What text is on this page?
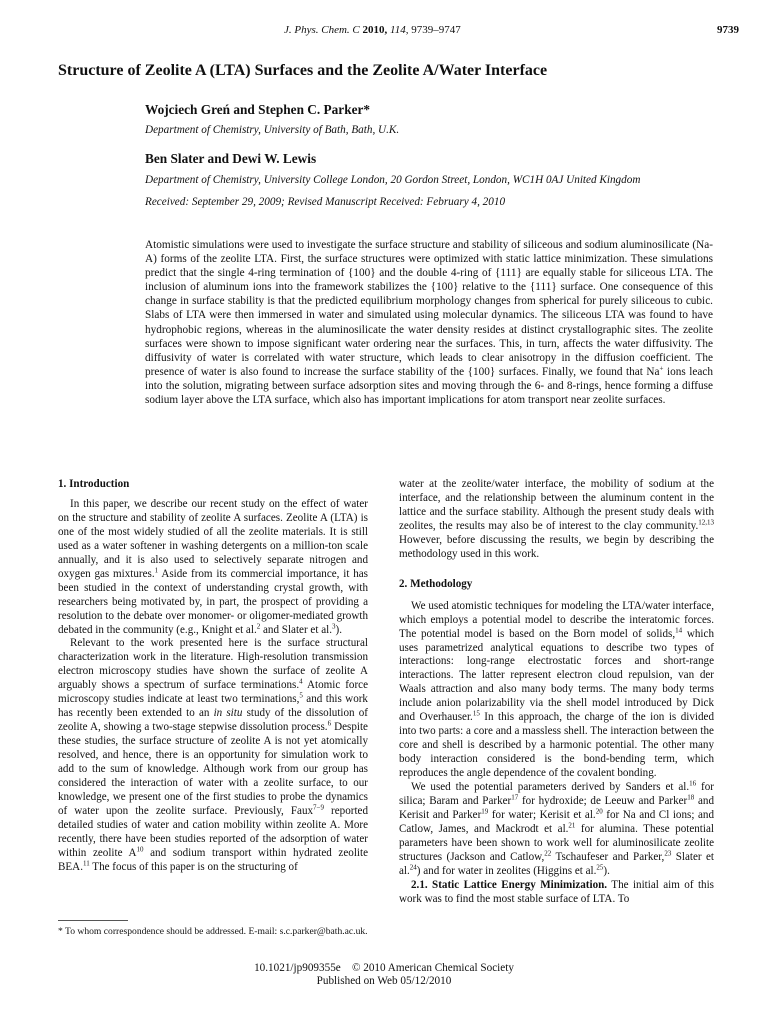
J. Phys. Chem. C 2010, 114, 9739–9747	9739
Structure of Zeolite A (LTA) Surfaces and the Zeolite A/Water Interface
Wojciech Greń and Stephen C. Parker*
Department of Chemistry, University of Bath, Bath, U.K.
Ben Slater and Dewi W. Lewis
Department of Chemistry, University College London, 20 Gordon Street, London, WC1H 0AJ United Kingdom
Received: September 29, 2009; Revised Manuscript Received: February 4, 2010
Atomistic simulations were used to investigate the surface structure and stability of siliceous and sodium aluminosilicate (Na-A) forms of the zeolite LTA. First, the surface structures were optimized with static lattice minimization. These simulations predict that the single 4-ring termination of {100} and the double 4-ring of {111} are equally stable for siliceous LTA. The inclusion of aluminum ions into the framework stabilizes the {100} relative to the {111} surface. One consequence of this change in surface stability is that the predicted equilibrium morphology changes from spherical for purely siliceous to cubic. Slabs of LTA were then immersed in water and simulated using molecular dynamics. The siliceous LTA was found to have hydrophobic regions, whereas in the aluminosilicate the water density resides at distinct crystallographic sites. The zeolite surfaces were shown to impose significant water ordering near the surfaces. This, in turn, affects the water diffusivity. The diffusivity of water is correlated with water structure, which leads to clear anisotropy in the diffusion coefficient. The presence of water is also found to increase the surface stability of the {100} surfaces. Finally, we found that Na+ ions leach into the solution, migrating between surface adsorption sites and moving through the 6- and 8-rings, hence forming a diffuse sodium layer above the LTA surface, which also has important implications for atom transport near zeolite surfaces.
1. Introduction

In this paper, we describe our recent study on the effect of water on the structure and stability of zeolite A surfaces. Zeolite A (LTA) is one of the most widely studied of all the zeolite materials. It is still used as a water softener in washing detergents on a million-ton scale annually, and it is also used to selectively separate nitrogen and oxygen gas mixtures.$^1$ Aside from its commercial importance, it has been studied in the context of understanding crystal growth, with researchers being motivated by, in part, the prospect of providing a resolution to the debate over monomer- or oligomer-mediated growth debated in the community (e.g., Knight et al.$^2$ and Slater et al.$^3$).

Relevant to the work presented here is the surface structural characterization work in the literature. High-resolution transmission electron microscopy studies have shown the surface of zeolite A arguably shows a spectrum of surface terminations.$^4$ Atomic force microscopy studies indicate at least two terminations,$^5$ and this work has recently been extended to an in situ study of the dissolution of zeolite A, showing a two-stage stepwise dissolution process.$^6$ Despite these studies, the surface structure of zeolite A is not yet atomically resolved, and hence, there is an opportunity for simulation work to add to the sum of knowledge. Although work from our group has considered the interaction of water with a zeolite surface, to our knowledge, we present one of the first studies to probe the dynamics of water upon the zeolite surface. Previously, Faux$^{7-9}$ reported detailed studies of water and cation mobility within zeolite A. More recently, there have been studies reported of the adsorption of water within zeolite $A^{10}$ and sodium transport within hydrated zeolite BEA.$^{11}$ The focus of this paper is on the structuring of

* To whom correspondence should be addressed. E-mail: s.c.parker@bath.ac.uk.

water at the zeolite/water interface, the mobility of sodium at the interface, and the relationship between the aluminum content in the lattice and the surface stability. Although the present study deals with zeolites, the results may also be of interest to the clay community.$^{12,13}$ However, before discussing the results, we begin by describing the methodology used in this work.

2. Methodology

We used atomistic techniques for modeling the LTA/water interface, which employs a potential model to describe the interatomic forces. The potential model is based on the Born model of solids,$^{14}$ which uses parametrized analytical equations to describe two types of interactions: long-range electrostatic forces and short-range interactions. The latter represent electron cloud repulsion, van der Waals attraction and also many body terms. The many body terms include anion polarizability via the shell model introduced by Dick and Overhauser.$^{15}$ In this approach, the charge of the ion is divided into two parts: a core and a massless shell. The interaction between the core and shell is described by a harmonic potential. The other many body interaction considered is the bond-bending term, which reproduces the angle dependence of the covalent bonding.

We used the potential parameters derived by Sanders et al.$^{16}$ for silica; Baram and Parker$^{17}$ for hydroxide; de Leeuw and Parker$^{18}$ and Kerisit and Parker$^{19}$ for water; Kerisit et al.$^{20}$ for Na and Cl ions; and Catlow, James, and Mackrodt et al.$^{21}$ for alumina. These potential parameters have been shown to work well for aluminosilicate zeolite structures (Jackson and Catlow,$^{22}$ Tschaufeser and Parker,$^{23}$ Slater et al.$^{24}$) and for water in zeolites (Higgins et al.$^{25}$).

2.1. Static Lattice Energy Minimization. The initial aim of this work was to find the most stable surface of LTA. To

10.1021/jp909355e © 2010 American Chemical Society
Published on Web 05/12/2010
